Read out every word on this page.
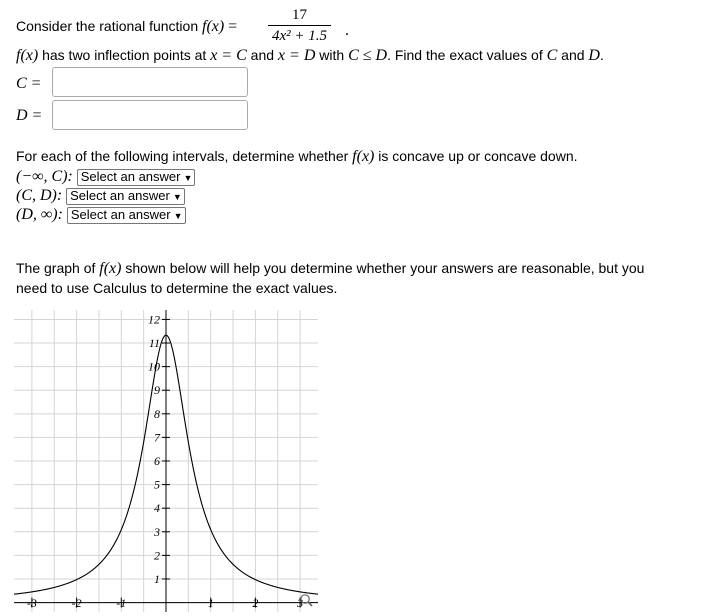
Consider the rational function f(x) =
17
4x² + 1.5 .
f(x) has two inflection points at x = C and x = D with C ≤ D. Find the exact values of C and D.
C =
D =
For each of the following intervals, determine whether f(x) is concave up or concave down.
(−∞, C): Select an answer ▼
(C, D): Select an answer ▼
(D, ∞): Select an answer ▼
The graph of f(x) shown below will help you determine whether your answers are reasonable, but you
need to use Calculus to determine the exact values.
-3	-2	-1	1	2	3
1
2
3
4
5
6
7
8
9
10
11
12
